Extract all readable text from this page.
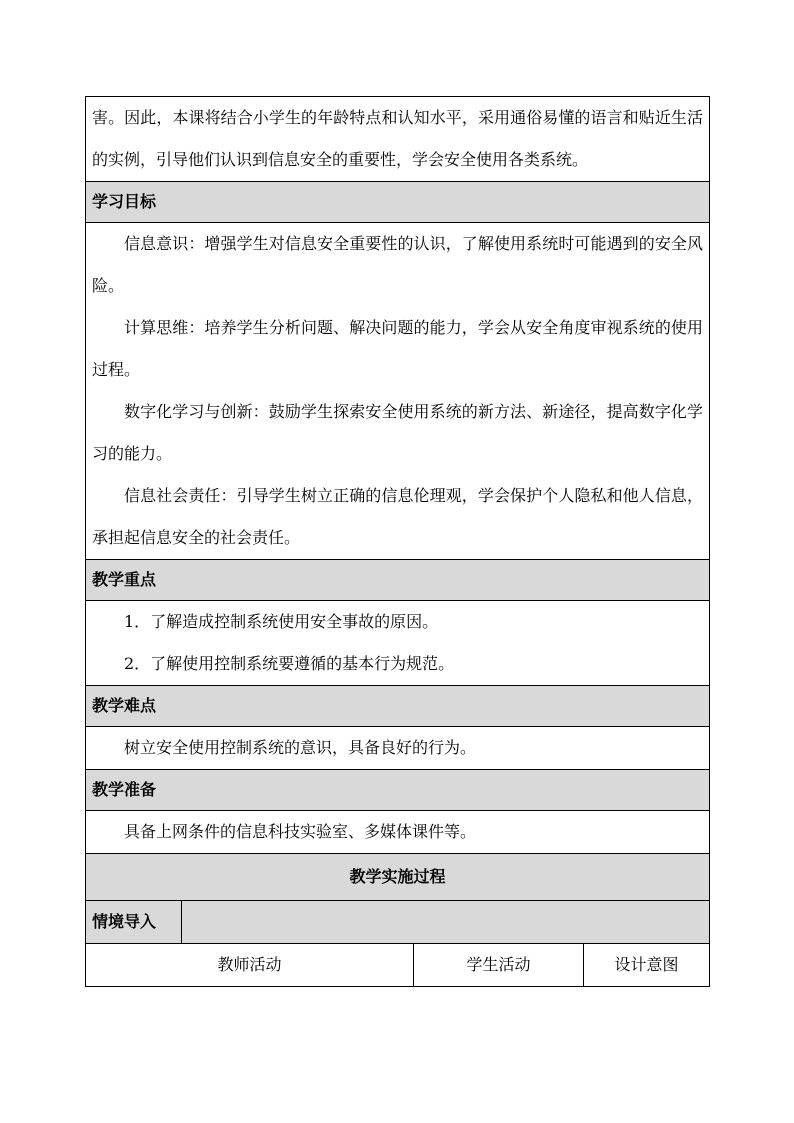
害。因此，本课将结合小学生的年龄特点和认知水平，采用通俗易懂的语言和贴近生活的实例，引导他们认识到信息安全的重要性，学会安全使用各类系统。			

学习目标			

信息意识：增强学生对信息安全重要性的认识，了解使用系统时可能遇到的安全风险。

计算思维：培养学生分析问题、解决问题的能力，学会从安全角度审视系统的使用过程。

数字化学习与创新：鼓励学生探索安全使用系统的新方法、新途径，提高数字化学习的能力。

信息社会责任：引导学生树立正确的信息伦理观，学会保护个人隐私和他人信息，承担起信息安全的社会责任。			

教学重点			

1．了解造成控制系统使用安全事故的原因。

2．了解使用控制系统要遵循的基本行为规范。			

教学难点			

树立安全使用控制系统的意识，具备良好的行为。			

教学准备			

具备上网条件的信息科技实验室、多媒体课件等。			

教学实施过程			
情境导入			
教师活动		学生活动	设计意图
